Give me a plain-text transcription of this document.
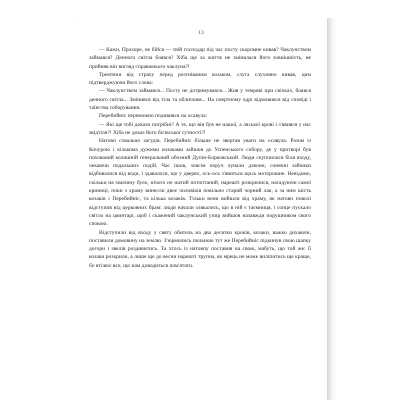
13

— Кажи, Прохоре, не бійся — твій господар під час посту скоромне кивав? Чаклунством займався? Денного світла боявся? Хіба ще за життя не змінилася його зовнішність, не прийняв він вигляд справжнього чаклуна?!

Тремтячи від страху перед розгніваним козаком, слуга слухняно кивав, цим підтверджуючи його слова:

— Чаклунством займався... Посту не дотримувався... Жив у темряві при свічках, боявся денного світла... Змінився від тіла та обличчям... На смертному одрі відмовився від сповіді і таїнства соборування.

Перебийніс переможно подивився на осавула:

— Які ще тобі докази потрібні? А те, що він був не нашої, а ляської крові і з'явився у нас звідтіля?! Хіба не доказ його бісівської сутності?!

Натовп схвально загудів. Перебийніс більше не звертав уваги на осавула. Разом із Кочурою і кількома дужими козаками зайшов до Успенського собору, де у притворі був похований колишній генеральний обозний Дупін-Борковський. Люди скупчилися біля входу, чекаючи подальших подій. Час ішов, зовсім поруч лунали дзвони, сонячні зайчики відбивалися від води, і здавалося, що у дверях, ось-ось з'явиться щось моторошне. Невідомо, скільки на хвилину було, нічого не жатий потоптаний, нарешті розкрилися, нагадуючи самої криниці, поки з храму винесли двоє чоловіків повільно старий чорний лак, а за ним шість козаків і Перебийніс, та кілька козаків. Тільки вони вийшли від храму, як натовп поволі відступив від церковних брам: люди начали злякались, що в ній є таємниця, і сонце пускало світло на цвинтарі, щоб і скажений чаклунський упир вийшов назавжди порушником свого спокою.

Відступили від входу у святу обитель на два десятки кроків, козаки, важко дихаючи, поставили домовину на землю. З'юрмились пильною тут же Перебийніс підкинув свою шапку догори і звелів роздивитись. Та хтось із натовпу поставив на свою, мабуть, що той же: її козаки розкрили, а лише ще до весни нарешті трупна, як мрець не може виліпитись ще краще, бо втілює все, що нам доводиться пам'ятати.
